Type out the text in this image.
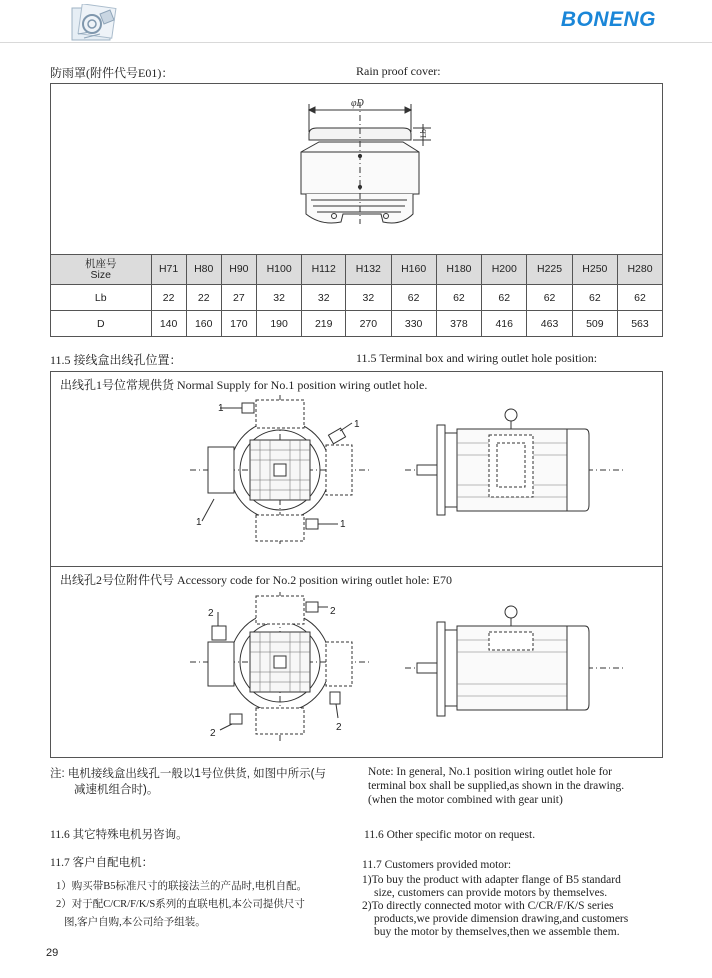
BONENG
防雨罩(附件代号E01)：	Rain proof cover:
φD
Lb
机座号
Size	H71	H80	H90	H100	H112	H132	H160	H180	H200	H225	H250	H280
Lb	22	22	27	32	32	32	62	62	62	62	62	62
D	140	160	170	190	219	270	330	378	416	463	509	563
11.5 接线盒出线孔位置：	11.5 Terminal box and wiring outlet hole position:
出线孔1号位常规供货 Normal Supply for No.1 position wiring outlet hole.
出线孔2号位附件代号 Accessory code for No.2 position wiring outlet hole: E70
1
1
1
1
2	2
2
2
注: 电机接线盒出线孔一般以1号位供货, 如图中所示(与
减速机组合时)。
Note: In general, No.1 position wiring outlet hole for
terminal box shall be supplied,as shown in the drawing.
(when the motor combined with gear unit)
11.6 其它特殊电机另咨询。	11.6 Other specific motor on request.
11.7 客户自配电机：
1）购买带B5标准尺寸的联接法兰的产品时,电机自配。
2）对于配C/CR/F/K/S系列的直联电机,本公司提供尺寸
图,客户自购,本公司给予组装。
11.7 Customers provided motor:
1)To buy the product with adapter flange of B5 standard
size, customers can provide motors by themselves.
2)To directly connected motor with C/CR/F/K/S series
products,we provide dimension drawing,and customers
buy the motor by themselves,then we assemble them.
29
